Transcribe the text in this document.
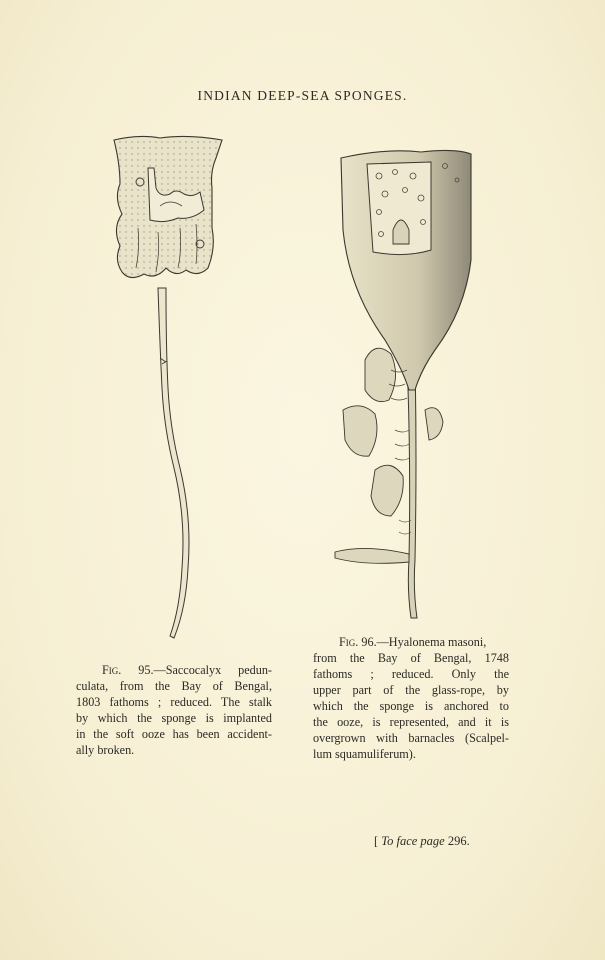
INDIAN DEEP-SEA SPONGES.
Fig. 95.—Saccocalyx pedun-
culata, from the Bay of Bengal,
1803 fathoms ; reduced. The stalk
by which the sponge is implanted
in the soft ooze has been accident-
ally broken.
Fig. 96.—Hyalonema masoni,
from the Bay of Bengal, 1748
fathoms ; reduced. Only the
upper part of the glass-rope, by
which the sponge is anchored to
the ooze, is represented, and it is
overgrown with barnacles (Scalpel-
lum squamuliferum).
[ To face page 296.
